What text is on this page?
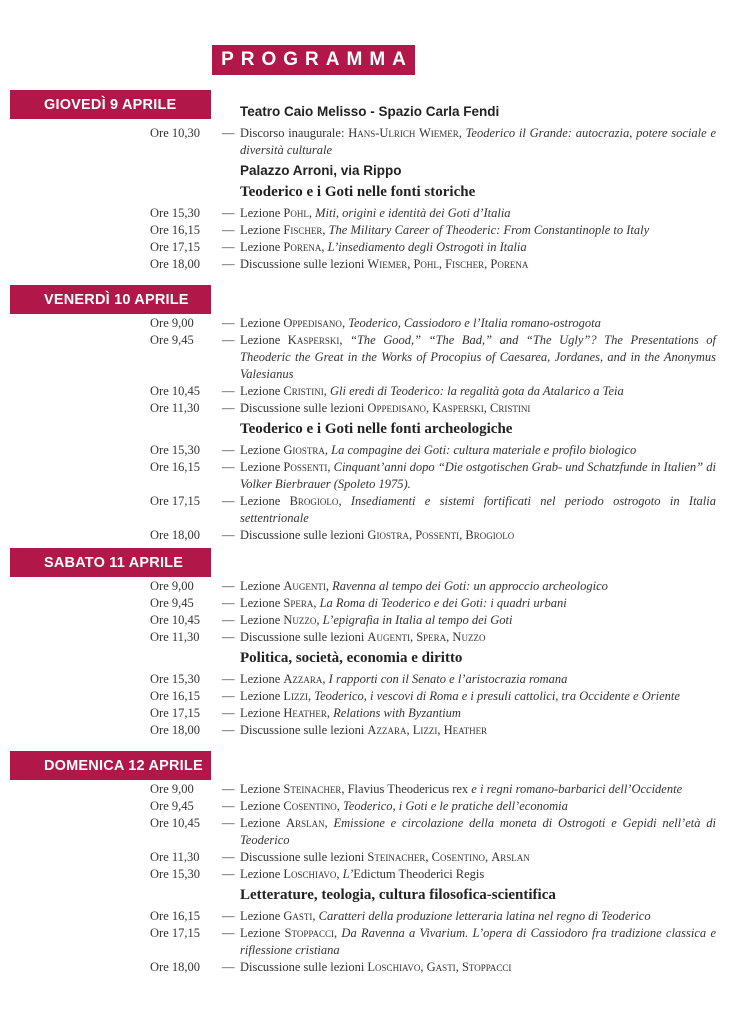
PROGRAMMA
GIOVEDÌ 9 APRILE	Teatro Caio Melisso - Spazio Carla Fendi
Ore 10,30	— Discorso inaugurale: Hans-Ulrich Wiemer, Teoderico il Grande: autocrazia, potere sociale e diversità culturale
Palazzo Arroni, via Rippo
Teoderico e i Goti nelle fonti storiche
Ore 15,30	— Lezione Pohl, Miti, origini e identità dei Goti d’Italia
Ore 16,15	— Lezione Fischer, The Military Career of Theoderic: From Constantinople to Italy
Ore 17,15	— Lezione Porena, L’insediamento degli Ostrogoti in Italia
Ore 18,00	— Discussione sulle lezioni Wiemer, Pohl, Fischer, Porena
VENERDÌ 10 APRILE
Ore 9,00	— Lezione Oppedisano, Teoderico, Cassiodoro e l’Italia romano-ostrogota
Ore 9,45	— Lezione Kasperski, “The Good,” “The Bad,” and “The Ugly”? The Presentations of Theoderic the Great in the Works of Procopius of Caesarea, Jordanes, and in the Anonymus Valesianus
Ore 10,45	— Lezione Cristini, Gli eredi di Teoderico: la regalità gota da Atalarico a Teia
Ore 11,30	— Discussione sulle lezioni Oppedisano, Kasperski, Cristini
Teoderico e i Goti nelle fonti archeologiche
Ore 15,30	— Lezione Giostra, La compagine dei Goti: cultura materiale e profilo biologico
Ore 16,15	— Lezione Possenti, Cinquant’anni dopo “Die ostgotischen Grab- und Schatzfunde in Italien” di Volker Bierbrauer (Spoleto 1975).
Ore 17,15	— Lezione Brogiolo, Insediamenti e sistemi fortificati nel periodo ostrogoto in Italia settentrionale
Ore 18,00	— Discussione sulle lezioni Giostra, Possenti, Brogiolo
SABATO 11 APRILE
Ore 9,00	— Lezione Augenti, Ravenna al tempo dei Goti: un approccio archeologico
Ore 9,45	— Lezione Spera, La Roma di Teoderico e dei Goti: i quadri urbani
Ore 10,45	— Lezione Nuzzo, L’epigrafia in Italia al tempo dei Goti
Ore 11,30	— Discussione sulle lezioni Augenti, Spera, Nuzzo
Politica, società, economia e diritto
Ore 15,30	— Lezione Azzara, I rapporti con il Senato e l’aristocrazia romana
Ore 16,15	— Lezione Lizzi, Teoderico, i vescovi di Roma e i presuli cattolici, tra Occidente e Oriente
Ore 17,15	— Lezione Heather, Relations with Byzantium
Ore 18,00	— Discussione sulle lezioni Azzara, Lizzi, Heather
DOMENICA 12 APRILE
Ore 9,00	— Lezione Steinacher, Flavius Theodericus rex e i regni romano-barbarici dell’Occidente
Ore 9,45	— Lezione Cosentino, Teoderico, i Goti e le pratiche dell’economia
Ore 10,45	— Lezione Arslan, Emissione e circolazione della moneta di Ostrogoti e Gepidi nell’età di Teoderico
Ore 11,30	— Discussione sulle lezioni Steinacher, Cosentino, Arslan
Ore 15,30	— Lezione Loschiavo, L’Edictum Theoderici Regis
Letterature, teologia, cultura filosofica-scientifica
Ore 16,15	— Lezione Gasti, Caratteri della produzione letteraria latina nel regno di Teoderico
Ore 17,15	— Lezione Stoppacci, Da Ravenna a Vivarium. L’opera di Cassiodoro fra tradizione classica e riflessione cristiana
Ore 18,00	— Discussione sulle lezioni Loschiavo, Gasti, Stoppacci
